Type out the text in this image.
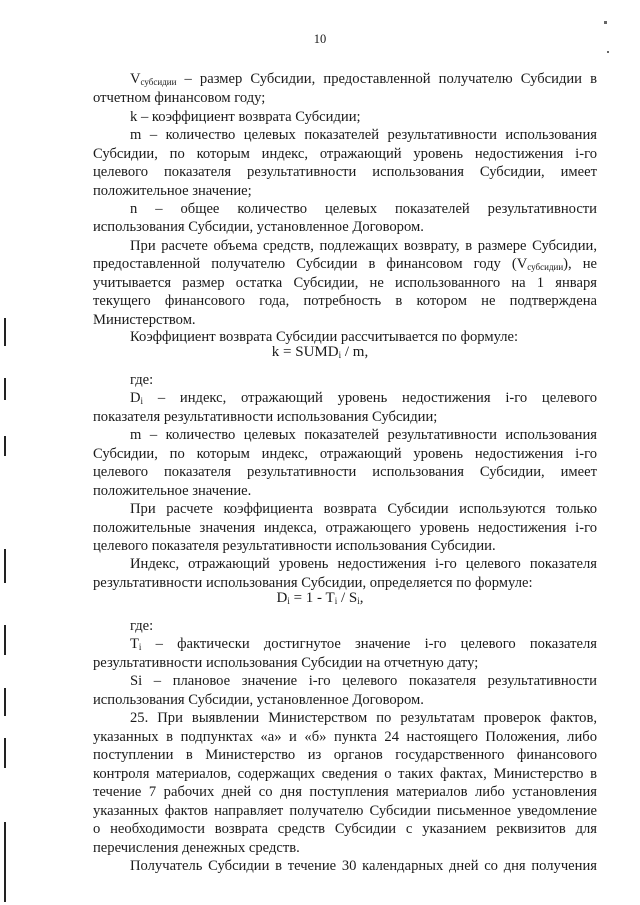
10
$V_{субсидии}$ – размер Субсидии, предоставленной получателю Субсидии в
отчетном финансовом году;
k – коэффициент возврата Субсидии;
m – количество целевых показателей результативности использования
Субсидии, по которым индекс, отражающий уровень недостижения i-го
целевого показателя результативности использования Субсидии, имеет
положительное значение;
n – общее количество целевых показателей результативности
использования Субсидии, установленное Договором.
При расчете объема средств, подлежащих возврату, в размере Субсидии,
предоставленной получателю Субсидии в финансовом году $(V_{субсидии})$, не
учитывается размер остатка Субсидии, не использованного на 1 января
текущего финансового года, потребность в котором не подтверждена
Министерством.
Коэффициент возврата Субсидии рассчитывается по формуле:
где:
$D_i$ – индекс, отражающий уровень недостижения i-го целевого
показателя результативности использования Субсидии;
m – количество целевых показателей результативности использования
Субсидии, по которым индекс, отражающий уровень недостижения i-го
целевого показателя результативности использования Субсидии, имеет
положительное значение.
При расчете коэффициента возврата Субсидии используются только
положительные значения индекса, отражающего уровень недостижения i-го
целевого показателя результативности использования Субсидии.
Индекс, отражающий уровень недостижения i-го целевого показателя
результативности использования Субсидии, определяется по формуле:
где:
$T_i$ – фактически достигнутое значение i-го целевого показателя
результативности использования Субсидии на отчетную дату;
Si – плановое значение i-го целевого показателя результативности
использования Субсидии, установленное Договором.
25. При выявлении Министерством по результатам проверок фактов,
указанных в подпунктах «а» и «б» пункта 24 настоящего Положения, либо
поступлении в Министерство из органов государственного финансового
контроля материалов, содержащих сведения о таких фактах, Министерство в
течение 7 рабочих дней со дня поступления материалов либо установления
указанных фактов направляет получателю Субсидии письменное уведомление
о необходимости возврата средств Субсидии с указанием реквизитов для
перечисления денежных средств.
Получатель Субсидии в течение 30 календарных дней со дня получения
$k = SUMD_i / m$,
$D_i = 1 - T_i / S_i$,
